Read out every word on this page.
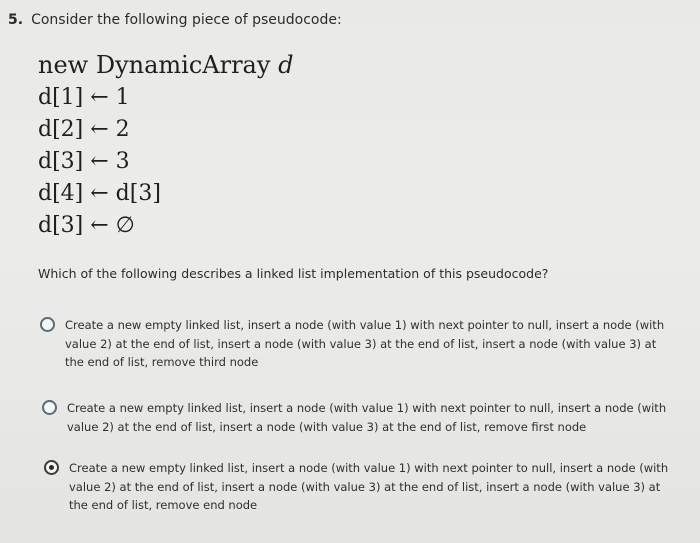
5. Consider the following piece of pseudocode:
new DynamicArray d
d[1] ← 1
d[2] ← 2
d[3] ← 3
d[4] ← d[3]
d[3] ← ∅
Which of the following describes a linked list implementation of this pseudocode?
Create a new empty linked list, insert a node (with value 1) with next pointer to null, insert a node (with value 2) at the end of list, insert a node (with value 3) at the end of list, insert a node (with value 3) at the end of list, remove third node
Create a new empty linked list, insert a node (with value 1) with next pointer to null, insert a node (with value 2) at the end of list, insert a node (with value 3) at the end of list, remove first node
Create a new empty linked list, insert a node (with value 1) with next pointer to null, insert a node (with value 2) at the end of list, insert a node (with value 3) at the end of list, insert a node (with value 3) at the end of list, remove end node
